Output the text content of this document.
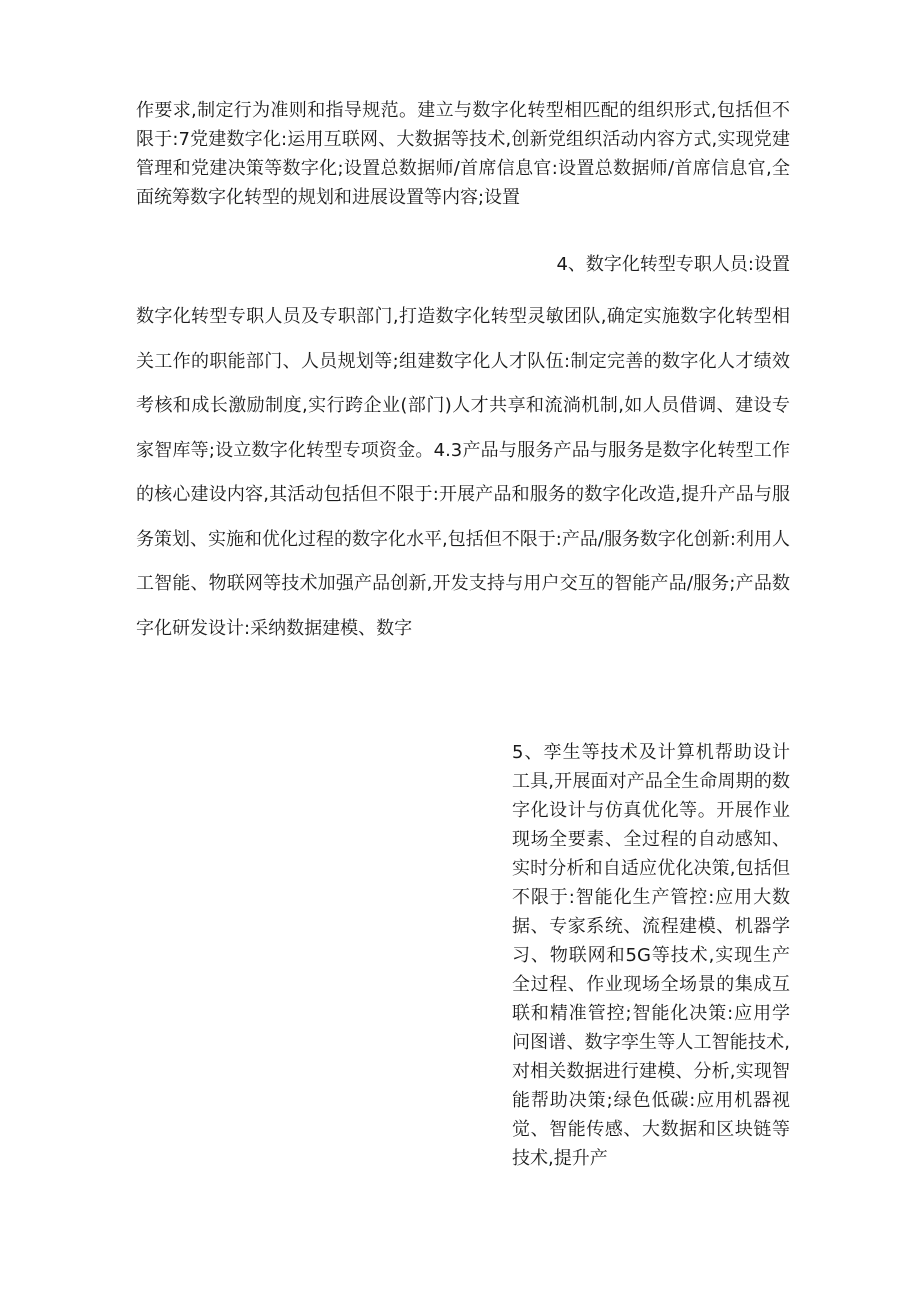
作要求,制定行为准则和指导规范。建立与数字化转型相匹配的组织形式,包括但不限于:7党建数字化:运用互联网、大数据等技术,创新党组织活动内容方式,实现党建管理和党建决策等数字化;设置总数据师/首席信息官:设置总数据师/首席信息官,全面统筹数字化转型的规划和进展设置等内容;设置

4、数字化转型专职人员:设置

数字化转型专职人员及专职部门,打造数字化转型灵敏团队,确定实施数字化转型相关工作的职能部门、人员规划等;组建数字化人才队伍:制定完善的数字化人才绩效考核和成长激励制度,实行跨企业(部门)人才共享和流淌机制,如人员借调、建设专家智库等;设立数字化转型专项资金。4.3产品与服务产品与服务是数字化转型工作的核心建设内容,其活动包括但不限于:开展产品和服务的数字化改造,提升产品与服务策划、实施和优化过程的数字化水平,包括但不限于:产品/服务数字化创新:利用人工智能、物联网等技术加强产品创新,开发支持与用户交互的智能产品/服务;产品数字化研发设计:采纳数据建模、数字

5、孪生等技术及计算机帮助设计工具,开展面对产品全生命周期的数字化设计与仿真优化等。开展作业现场全要素、全过程的自动感知、实时分析和自适应优化决策,包括但不限于:智能化生产管控:应用大数据、专家系统、流程建模、机器学习、物联网和5G等技术,实现生产全过程、作业现场全场景的集成互联和精准管控;智能化决策:应用学问图谱、数字孪生等人工智能技术,对相关数据进行建模、分析,实现智能帮助决策;绿色低碳:应用机器视觉、智能传感、大数据和区块链等技术,提升产
